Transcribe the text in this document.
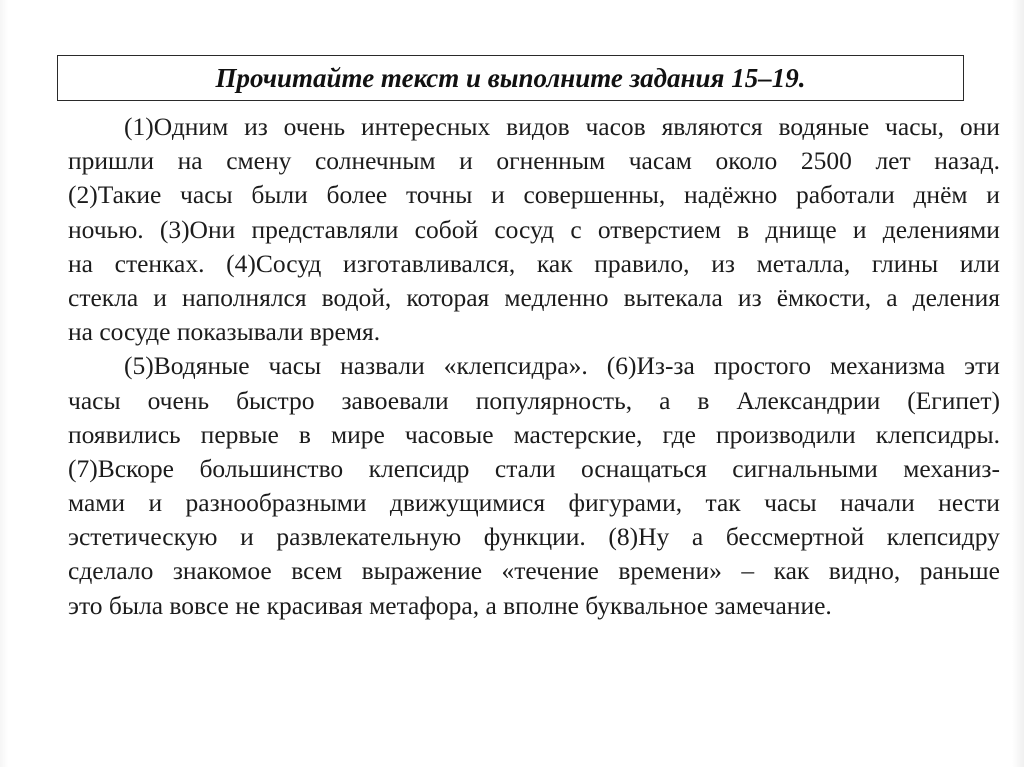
Прочитайте текст и выполните задания 15–19.
(1)Одним из очень интересных видов часов являются водяные часы, они
пришли на смену солнечным и огненным часам около 2500 лет назад.
(2)Такие часы были более точны и совершенны, надёжно работали днём и
ночью. (3)Они представляли собой сосуд с отверстием в днище и делениями
на стенках. (4)Сосуд изготавливался, как правило, из металла, глины или
стекла и наполнялся водой, которая медленно вытекала из ёмкости, а деления
на сосуде показывали время.
(5)Водяные часы назвали «клепсидра». (6)Из-за простого механизма эти
часы очень быстро завоевали популярность, а в Александрии (Египет)
появились первые в мире часовые мастерские, где производили клепсидры.
(7)Вскоре большинство клепсидр стали оснащаться сигнальными механиз-
мами и разнообразными движущимися фигурами, так часы начали нести
эстетическую и развлекательную функции. (8)Ну а бессмертной клепсидру
сделало знакомое всем выражение «течение времени» – как видно, раньше
это была вовсе не красивая метафора, а вполне буквальное замечание.
